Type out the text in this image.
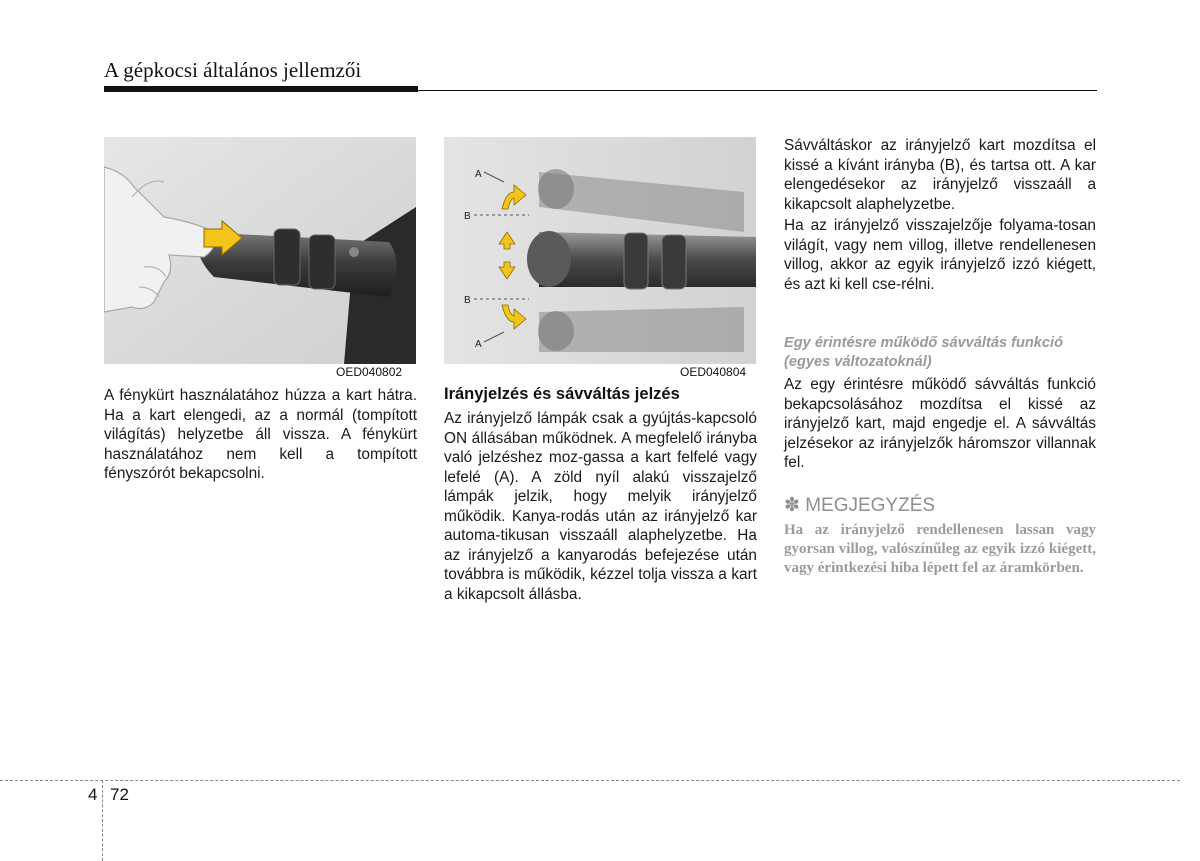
A gépkocsi általános jellemzői
OED040802
A
B
B
A
OED040804

A fénykürt használatához húzza a kart hátra. Ha a kart elengedi, az a normál (tompított világítás) helyzetbe áll vissza. A fénykürt használatához nem kell a tompított fényszórót bekapcsolni.

Irányjelzés és sávváltás jelzés

Az irányjelző lámpák csak a gyújtás-kapcsoló ON állásában működnek. A megfelelő irányba való jelzéshez moz-gassa a kart felfelé vagy lefelé (A). A zöld nyíl alakú visszajelző lámpák jelzik, hogy melyik irányjelző működik. Kanya-rodás után az irányjelző kar automa-tikusan visszaáll alaphelyzetbe. Ha az irányjelző a kanyarodás befejezése után továbbra is működik, kézzel tolja vissza a kart a kikapcsolt állásba.

Sávváltáskor az irányjelző kart mozdítsa el kissé a kívánt irányba (B), és tartsa ott. A kar elengedésekor az irányjelző visszaáll a kikapcsolt alaphelyzetbe.

Ha az irányjelző visszajelzője folyama-tosan világít, vagy nem villog, illetve rendellenesen villog, akkor az egyik irányjelző izzó kiégett, és azt ki kell cse-rélni.

Egy érintésre működő sávváltás funkció (egyes változatoknál)

Az egy érintésre működő sávváltás funkció bekapcsolásához mozdítsa el kissé az irányjelző kart, majd engedje el. A sávváltás jelzésekor az irányjelzők háromszor villannak fel.

✽ MEGJEGYZÉS
Ha az irányjelző rendellenesen lassan vagy gyorsan villog, valószínűleg az egyik izzó kiégett, vagy érintkezési hiba lépett fel az áramkörben.
4 72
